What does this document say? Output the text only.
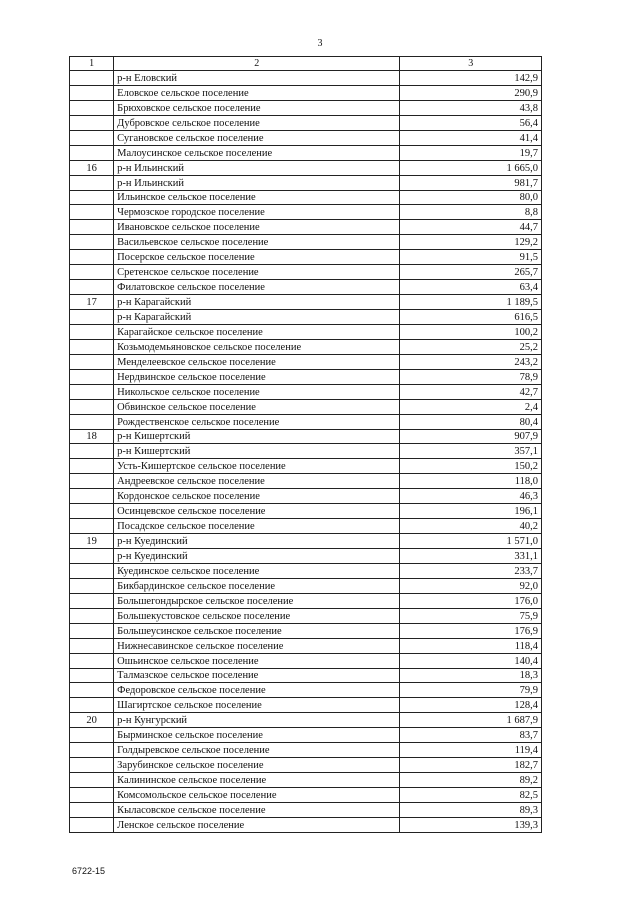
3
1	2	3
	р-н Еловский	142,9
	Еловское сельское поселение	290,9
	Брюховское сельское поселение	43,8
	Дубровское сельское поселение	56,4
	Сугановское сельское поселение	41,4
	Малоусинское сельское поселение	19,7
16	р-н Ильинский	1 665,0
	р-н Ильинский	981,7
	Ильинское сельское поселение	80,0
	Чермозское городское поселение	8,8
	Ивановское сельское поселение	44,7
	Васильевское сельское поселение	129,2
	Посерское сельское поселение	91,5
	Сретенское сельское поселение	265,7
	Филатовское сельское поселение	63,4
17	р-н Карагайский	1 189,5
	р-н Карагайский	616,5
	Карагайское сельское поселение	100,2
	Козьмодемьяновское сельское поселение	25,2
	Менделеевское сельское поселение	243,2
	Нердвинское сельское поселение	78,9
	Никольское сельское поселение	42,7
	Обвинское сельское поселение	2,4
	Рождественское сельское поселение	80,4
18	р-н Кишертский	907,9
	р-н Кишертский	357,1
	Усть-Кишертское сельское поселение	150,2
	Андреевское сельское поселение	118,0
	Кордонское сельское поселение	46,3
	Осинцевское сельское поселение	196,1
	Посадское сельское поселение	40,2
19	р-н Куединский	1 571,0
	р-н Куединский	331,1
	Куединское сельское поселение	233,7
	Бикбардинское сельское поселение	92,0
	Большегондырское сельское поселение	176,0
	Большекустовское сельское поселение	75,9
	Большеусинское сельское поселение	176,9
	Нижнесавинское сельское поселение	118,4
	Ошьинское сельское поселение	140,4
	Талмазское сельское поселение	18,3
	Федоровское сельское поселение	79,9
	Шагиртское сельское поселение	128,4
20	р-н Кунгурский	1 687,9
	Бырминское сельское поселение	83,7
	Голдыревское сельское поселение	119,4
	Зарубинское сельское поселение	182,7
	Калининское сельское поселение	89,2
	Комсомольское сельское поселение	82,5
	Кыласовское сельское поселение	89,3
	Ленское сельское поселение	139,3
6722-15
